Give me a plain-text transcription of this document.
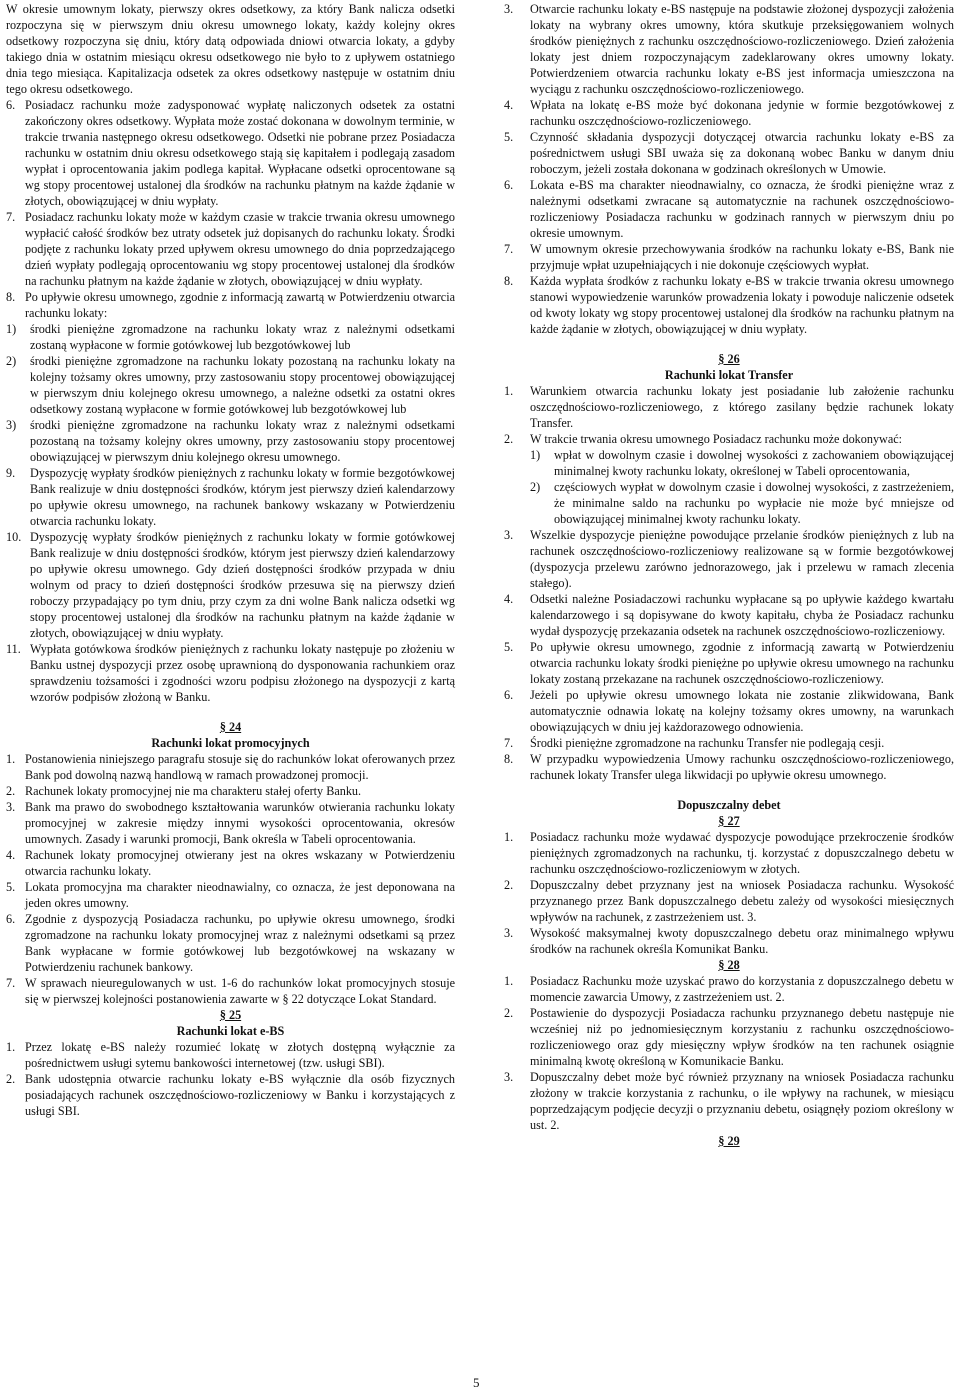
W okresie umownym lokaty, pierwszy okres odsetkowy, za który Bank nalicza odsetki rozpoczyna się w pierwszym dniu okresu umownego lokaty, każdy kolejny okres odsetkowy rozpoczyna się dniu, który datą odpowiada dniowi otwarcia lokaty, a gdyby takiego dnia w ostatnim miesiącu okresu odsetkowego nie było to z upływem ostatniego dnia tego miesiąca. Kapitalizacja odsetek za okres odsetkowy następuje w ostatnim dniu tego okresu odsetkowego.

6. Posiadacz rachunku może zadysponować wypłatę naliczonych odsetek za ostatni zakończony okres odsetkowy. Wypłata może zostać dokonana w dowolnym terminie, w trakcie trwania następnego okresu odsetkowego. Odsetki nie pobrane przez Posiadacza rachunku w ostatnim dniu okresu odsetkowego stają się kapitałem i podlegają zasadom wypłat i oprocentowania jakim podlega kapitał. Wypłacane odsetki oprocentowane są wg stopy procentowej ustalonej dla środków na rachunku płatnym na każde żądanie w złotych, obowiązującej w dniu wypłaty.
7. Posiadacz rachunku lokaty może w każdym czasie w trakcie trwania okresu umownego wypłacić całość środków bez utraty odsetek już dopisanych do rachunku lokaty. Środki podjęte z rachunku lokaty przed upływem okresu umownego do dnia poprzedzającego dzień wypłaty podlegają oprocentowaniu wg stopy procentowej ustalonej dla środków na rachunku płatnym na każde żądanie w złotych, obowiązującej w dniu wypłaty.
8. Po upływie okresu umownego, zgodnie z informacją zawartą w Potwierdzeniu otwarcia rachunku lokaty:
1)	środki pieniężne zgromadzone na rachunku lokaty wraz z należnymi odsetkami zostaną wypłacone w formie gotówkowej lub bezgotówkowej lub
2)	środki pieniężne zgromadzone na rachunku lokaty pozostaną na rachunku lokaty na kolejny tożsamy okres umowny, przy zastosowaniu stopy procentowej obowiązującej w pierwszym dniu kolejnego okresu umownego, a należne odsetki za ostatni okres odsetkowy zostaną wypłacone w formie gotówkowej lub bezgotówkowej lub
3)	środki pieniężne zgromadzone na rachunku lokaty wraz z należnymi odsetkami pozostaną na tożsamy kolejny okres umowny, przy zastosowaniu stopy procentowej obowiązującej w pierwszym dniu kolejnego okresu umownego.
9.	Dyspozycję wypłaty środków pieniężnych z rachunku lokaty w formie bezgotówkowej Bank realizuje w dniu dostępności środków, którym jest pierwszy dzień kalendarzowy po upływie okresu umownego, na rachunek bankowy wskazany w Potwierdzeniu otwarcia rachunku lokaty.
10. Dyspozycję wypłaty środków pieniężnych z rachunku lokaty w formie gotówkowej Bank realizuje w dniu dostępności środków, którym jest pierwszy dzień kalendarzowy po upływie okresu umownego. Gdy dzień dostępności środków przypada w dniu wolnym od pracy to dzień dostępności środków przesuwa się na pierwszy dzień roboczy przypadający po tym dniu, przy czym za dni wolne Bank nalicza odsetki wg stopy procentowej ustalonej dla środków na rachunku płatnym na każde żądanie w złotych, obowiązującej w dniu wypłaty.
11. Wypłata gotówkowa środków pieniężnych z rachunku lokaty następuje po złożeniu w Banku ustnej dyspozycji przez osobę uprawnioną do dysponowania rachunkiem oraz sprawdzeniu tożsamości i zgodności wzoru podpisu złożonego na dyspozycji z kartą wzorów podpisów złożoną w Banku.

§ 24

Rachunki lokat promocyjnych

1. Postanowienia niniejszego paragrafu stosuje się do rachunków lokat oferowanych przez Bank pod dowolną nazwą handlową w ramach prowadzonej promocji.
2. Rachunek lokaty promocyjnej nie ma charakteru stałej oferty Banku.
3. Bank ma prawo do swobodnego kształtowania warunków otwierania rachunku lokaty promocyjnej w zakresie między innymi wysokości oprocentowania, okresów umownych. Zasady i warunki promocji, Bank określa w Tabeli oprocentowania.
4. Rachunek lokaty promocyjnej otwierany jest na okres wskazany w Potwierdzeniu otwarcia rachunku lokaty.
5. Lokata promocyjna ma charakter nieodnawialny, co oznacza, że jest deponowana na jeden okres umowny.
6. Zgodnie z dyspozycją Posiadacza rachunku, po upływie okresu umownego, środki zgromadzone na rachunku lokaty promocyjnej wraz z należnymi odsetkami są przez Bank wypłacane w formie gotówkowej lub bezgotówkowej na wskazany w Potwierdzeniu rachunek bankowy.
7. W sprawach nieuregulowanych w ust. 1-6 do rachunków lokat promocyjnych stosuje się w pierwszej kolejności postanowienia zawarte w § 22 dotyczące Lokat Standard.

§ 25

Rachunki lokat e-BS

1. Przez lokatę e-BS należy rozumieć lokatę w złotych dostępną wyłącznie za pośrednictwem usługi sytemu bankowości internetowej (tzw. usługi SBI).
2. Bank udostępnia otwarcie rachunku lokaty e-BS wyłącznie dla osób fizycznych posiadających rachunek oszczędnościowo-rozliczeniowy w Banku i korzystających z usługi SBI.
3.	Otwarcie rachunku lokaty e-BS następuje na podstawie złożonej dyspozycji założenia lokaty na wybrany okres umowny, która skutkuje przeksięgowaniem wolnych środków pieniężnych z rachunku oszczędnościowo-rozliczeniowego. Dzień założenia lokaty jest dniem rozpoczynającym zadeklarowany okres umowny lokaty. Potwierdzeniem otwarcia rachunku lokaty e-BS jest informacja umieszczona na wyciągu z rachunku oszczędnościowo-rozliczeniowego.
4.	Wpłata na lokatę e-BS może być dokonana jedynie w formie bezgotówkowej z rachunku oszczędnościowo-rozliczeniowego.
5.	Czynność składania dyspozycji dotyczącej otwarcia rachunku lokaty e-BS za pośrednictwem usługi SBI uważa się za dokonaną wobec Banku w danym dniu roboczym, jeżeli została dokonana w godzinach określonych w Umowie.
6.	Lokata e-BS ma charakter nieodnawialny, co oznacza, że środki pieniężne wraz z należnymi odsetkami zwracane są automatycznie na rachunek oszczędnościowo-rozliczeniowy Posiadacza rachunku w godzinach rannych w pierwszym dniu po okresie umownym.
7.	W umownym okresie przechowywania środków na rachunku lokaty e-BS, Bank nie przyjmuje wpłat uzupełniających i nie dokonuje częściowych wypłat.
8.	Każda wypłata środków z rachunku lokaty e-BS w trakcie trwania okresu umownego stanowi wypowiedzenie warunków prowadzenia lokaty i powoduje naliczenie odsetek od kwoty lokaty wg stopy procentowej ustalonej dla środków na rachunku płatnym na każde żądanie w złotych, obowiązującej w dniu wypłaty.

§ 26

Rachunki lokat Transfer

1.	Warunkiem otwarcia rachunku lokaty jest posiadanie lub założenie rachunku oszczędnościowo-rozliczeniowego, z którego zasilany będzie rachunek lokaty Transfer.
2.	W trakcie trwania okresu umownego Posiadacz rachunku może dokonywać:
1)	wpłat w dowolnym czasie i dowolnej wysokości z zachowaniem obowiązującej minimalnej kwoty rachunku lokaty, określonej w Tabeli oprocentowania,
2)	częściowych wypłat w dowolnym czasie i dowolnej wysokości, z zastrzeżeniem, że minimalne saldo na rachunku po wypłacie nie może być mniejsze od obowiązującej minimalnej kwoty rachunku lokaty.
3.	Wszelkie dyspozycje pieniężne powodujące przelanie środków pieniężnych z lub na rachunek oszczędnościowo-rozliczeniowy realizowane są w formie bezgotówkowej (dyspozycja przelewu zarówno jednorazowego, jak i przelewu w ramach zlecenia stałego).
4.	Odsetki należne Posiadaczowi rachunku wypłacane są po upływie każdego kwartału kalendarzowego i są dopisywane do kwoty kapitału, chyba że Posiadacz rachunku wydał dyspozycję przekazania odsetek na rachunek oszczędnościowo-rozliczeniowy.
5.	Po upływie okresu umownego, zgodnie z informacją zawartą w Potwierdzeniu otwarcia rachunku lokaty środki pieniężne po upływie okresu umownego na rachunku lokaty zostaną przekazane na rachunek oszczędnościowo-rozliczeniowy.
6.	Jeżeli po upływie okresu umownego lokata nie zostanie zlikwidowana, Bank automatycznie odnawia lokatę na kolejny tożsamy okres umowny, na warunkach obowiązujących w dniu jej każdorazowego odnowienia.
7.	Środki pieniężne zgromadzone na rachunku Transfer nie podlegają cesji.
8.	W przypadku wypowiedzenia Umowy rachunku oszczędnościowo-rozliczeniowego, rachunek lokaty Transfer ulega likwidacji po upływie okresu umownego.

Dopuszczalny debet

§ 27

1.	Posiadacz rachunku może wydawać dyspozycje powodujące przekroczenie środków pieniężnych zgromadzonych na rachunku, tj. korzystać z dopuszczalnego debetu w rachunku oszczędnościowo-rozliczeniowym w złotych.
2.	Dopuszczalny debet przyznany jest na wniosek Posiadacza rachunku. Wysokość przyznanego przez Bank dopuszczalnego debetu zależy od wysokości miesięcznych wpływów na rachunek, z zastrzeżeniem ust. 3.
3.	Wysokość maksymalnej kwoty dopuszczalnego debetu oraz minimalnego wpływu środków na rachunek określa Komunikat Banku.

§ 28

1.	Posiadacz Rachunku może uzyskać prawo do korzystania z dopuszczalnego debetu w momencie zawarcia Umowy, z zastrzeżeniem ust. 2.
2.	Postawienie do dyspozycji Posiadacza rachunku przyznanego debetu następuje nie wcześniej niż po jednomiesięcznym korzystaniu z rachunku oszczędnościowo-rozliczeniowego oraz gdy miesięczny wpływ środków na ten rachunek osiągnie minimalną kwotę określoną w Komunikacie Banku.
3.	Dopuszczalny debet może być również przyznany na wniosek Posiadacza rachunku złożony w trakcie korzystania z rachunku, o ile wpływy na rachunek, w miesiącu poprzedzającym podjęcie decyzji o przyznaniu debetu, osiągnęły poziom określony w ust. 2.

§ 29

5
